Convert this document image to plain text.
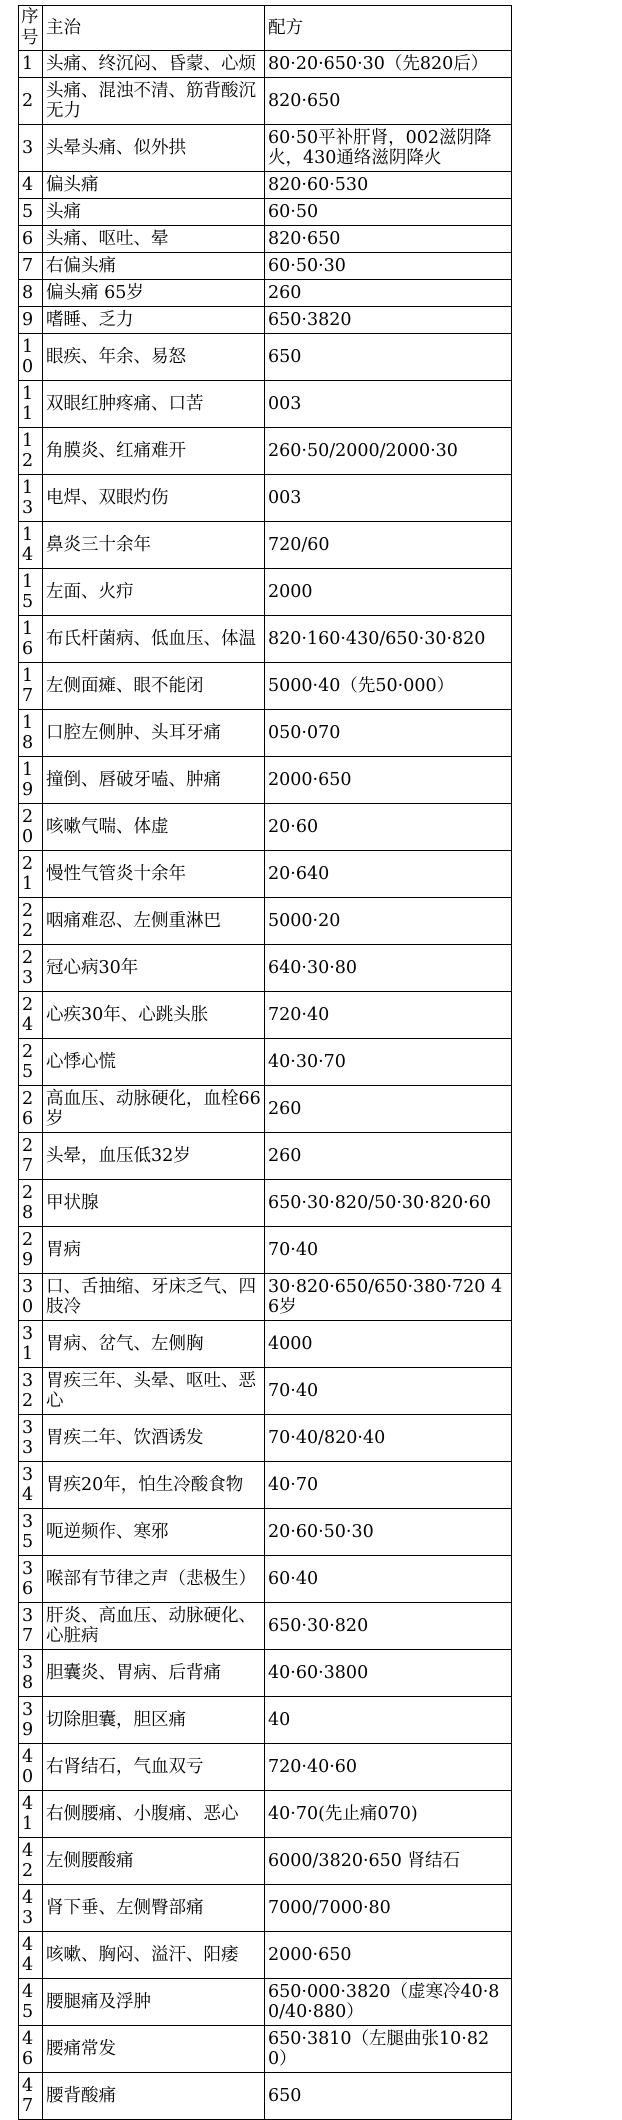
序号	主治	配方
1	头痛、终沉闷、昏蒙、心烦	80·20·650·30（先820后）
2	头痛、混浊不清、筋背酸沉无力	820·650
3	头晕头痛、似外拱	60·50平补肝肾，002滋阴降火，430通络滋阴降火
4	偏头痛	820·60·530
5	头痛	60·50
6	头痛、呕吐、晕	820·650
7	右偏头痛	60·50·30
8	偏头痛 65岁	260
9	嗜睡、乏力	650·3820
10	眼疾、年余、易怒	650
11	双眼红肿疼痛、口苦	003
12	角膜炎、红痛难开	260·50/2000/2000·30
13	电焊、双眼灼伤	003
14	鼻炎三十余年	720/60
15	左面、火疖	2000
16	布氏杆菌病、低血压、体温	820·160·430/650·30·820
17	左侧面瘫、眼不能闭	5000·40（先50·000）
18	口腔左侧肿、头耳牙痛	050·070
19	撞倒、唇破牙嗑、肿痛	2000·650
20	咳嗽气喘、体虚	20·60
21	慢性气管炎十余年	20·640
22	咽痛难忍、左侧重淋巴	5000·20
23	冠心病30年	640·30·80
24	心疾30年、心跳头胀	720·40
25	心悸心慌	40·30·70
26	高血压、动脉硬化，血栓66岁	260
27	头晕，血压低32岁	260
28	甲状腺	650·30·820/50·30·820·60
29	胃病	70·40
30	口、舌抽缩、牙床乏气、四肢冷	30·820·650/650·380·720 46岁
31	胃病、岔气、左侧胸	4000
32	胃疾三年、头晕、呕吐、恶心	70·40
33	胃疾二年、饮酒诱发	70·40/820·40
34	胃疾20年，怕生冷酸食物	40·70
35	呃逆频作、寒邪	20·60·50·30
36	喉部有节律之声（悲极生）	60·40
37	肝炎、高血压、动脉硬化、心脏病	650·30·820
38	胆囊炎、胃病、后背痛	40·60·3800
39	切除胆囊，胆区痛	40
40	右肾结石，气血双亏	720·40·60
41	右侧腰痛、小腹痛、恶心	40·70(先止痛070)
42	左侧腰酸痛	6000/3820·650 肾结石
43	肾下垂、左侧臀部痛	7000/7000·80
44	咳嗽、胸闷、溢汗、阳痿	2000·650
45	腰腿痛及浮肿	650·000·3820（虚寒冷40·80/40·880）
46	腰痛常发	650·3810（左腿曲张10·820）
47	腰背酸痛	650
